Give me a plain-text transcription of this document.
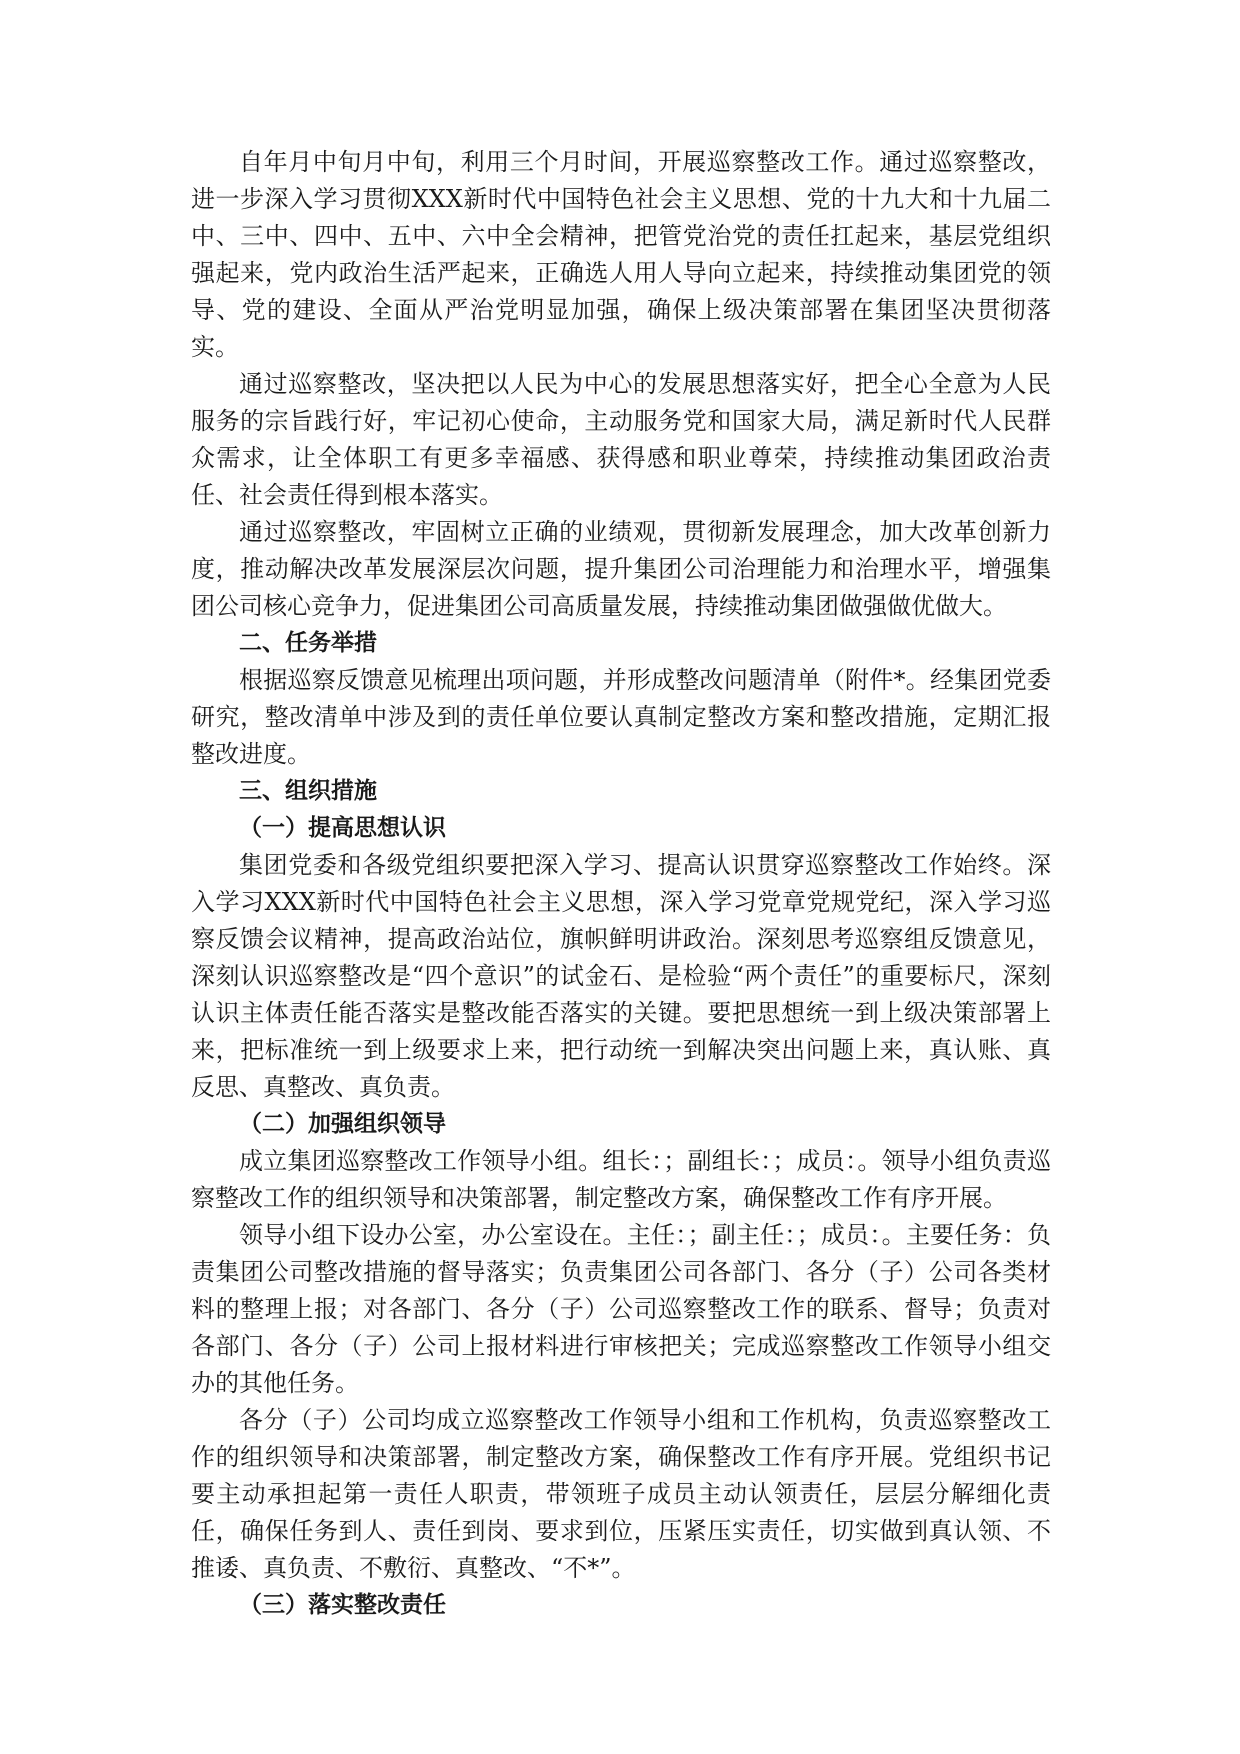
自年月中旬月中旬，利用三个月时间，开展巡察整改工作。通过巡察整改，进一步深入学习贯彻XXX新时代中国特色社会主义思想、党的十九大和十九届二中、三中、四中、五中、六中全会精神，把管党治党的责任扛起来，基层党组织强起来，党内政治生活严起来，正确选人用人导向立起来，持续推动集团党的领导、党的建设、全面从严治党明显加强，确保上级决策部署在集团坚决贯彻落实。

通过巡察整改，坚决把以人民为中心的发展思想落实好，把全心全意为人民服务的宗旨践行好，牢记初心使命，主动服务党和国家大局，满足新时代人民群众需求，让全体职工有更多幸福感、获得感和职业尊荣，持续推动集团政治责任、社会责任得到根本落实。

通过巡察整改，牢固树立正确的业绩观，贯彻新发展理念，加大改革创新力度，推动解决改革发展深层次问题，提升集团公司治理能力和治理水平，增强集团公司核心竞争力，促进集团公司高质量发展，持续推动集团做强做优做大。

二、任务举措

根据巡察反馈意见梳理出项问题，并形成整改问题清单（附件*。经集团党委研究，整改清单中涉及到的责任单位要认真制定整改方案和整改措施，定期汇报整改进度。

三、组织措施

（一）提高思想认识

集团党委和各级党组织要把深入学习、提高认识贯穿巡察整改工作始终。深入学习XXX新时代中国特色社会主义思想，深入学习党章党规党纪，深入学习巡察反馈会议精神，提高政治站位，旗帜鲜明讲政治。深刻思考巡察组反馈意见，深刻认识巡察整改是“四个意识”的试金石、是检验“两个责任”的重要标尺，深刻认识主体责任能否落实是整改能否落实的关键。要把思想统一到上级决策部署上来，把标准统一到上级要求上来，把行动统一到解决突出问题上来，真认账、真反思、真整改、真负责。

（二）加强组织领导

成立集团巡察整改工作领导小组。组长：；副组长：；成员：。领导小组负责巡察整改工作的组织领导和决策部署，制定整改方案，确保整改工作有序开展。

领导小组下设办公室，办公室设在。主任：；副主任：；成员：。主要任务：负责集团公司整改措施的督导落实；负责集团公司各部门、各分（子）公司各类材料的整理上报；对各部门、各分（子）公司巡察整改工作的联系、督导；负责对各部门、各分（子）公司上报材料进行审核把关；完成巡察整改工作领导小组交办的其他任务。

各分（子）公司均成立巡察整改工作领导小组和工作机构，负责巡察整改工作的组织领导和决策部署，制定整改方案，确保整改工作有序开展。党组织书记要主动承担起第一责任人职责，带领班子成员主动认领责任，层层分解细化责任，确保任务到人、责任到岗、要求到位，压紧压实责任，切实做到真认领、不推诿、真负责、不敷衍、真整改、“不*”。

（三）落实整改责任
